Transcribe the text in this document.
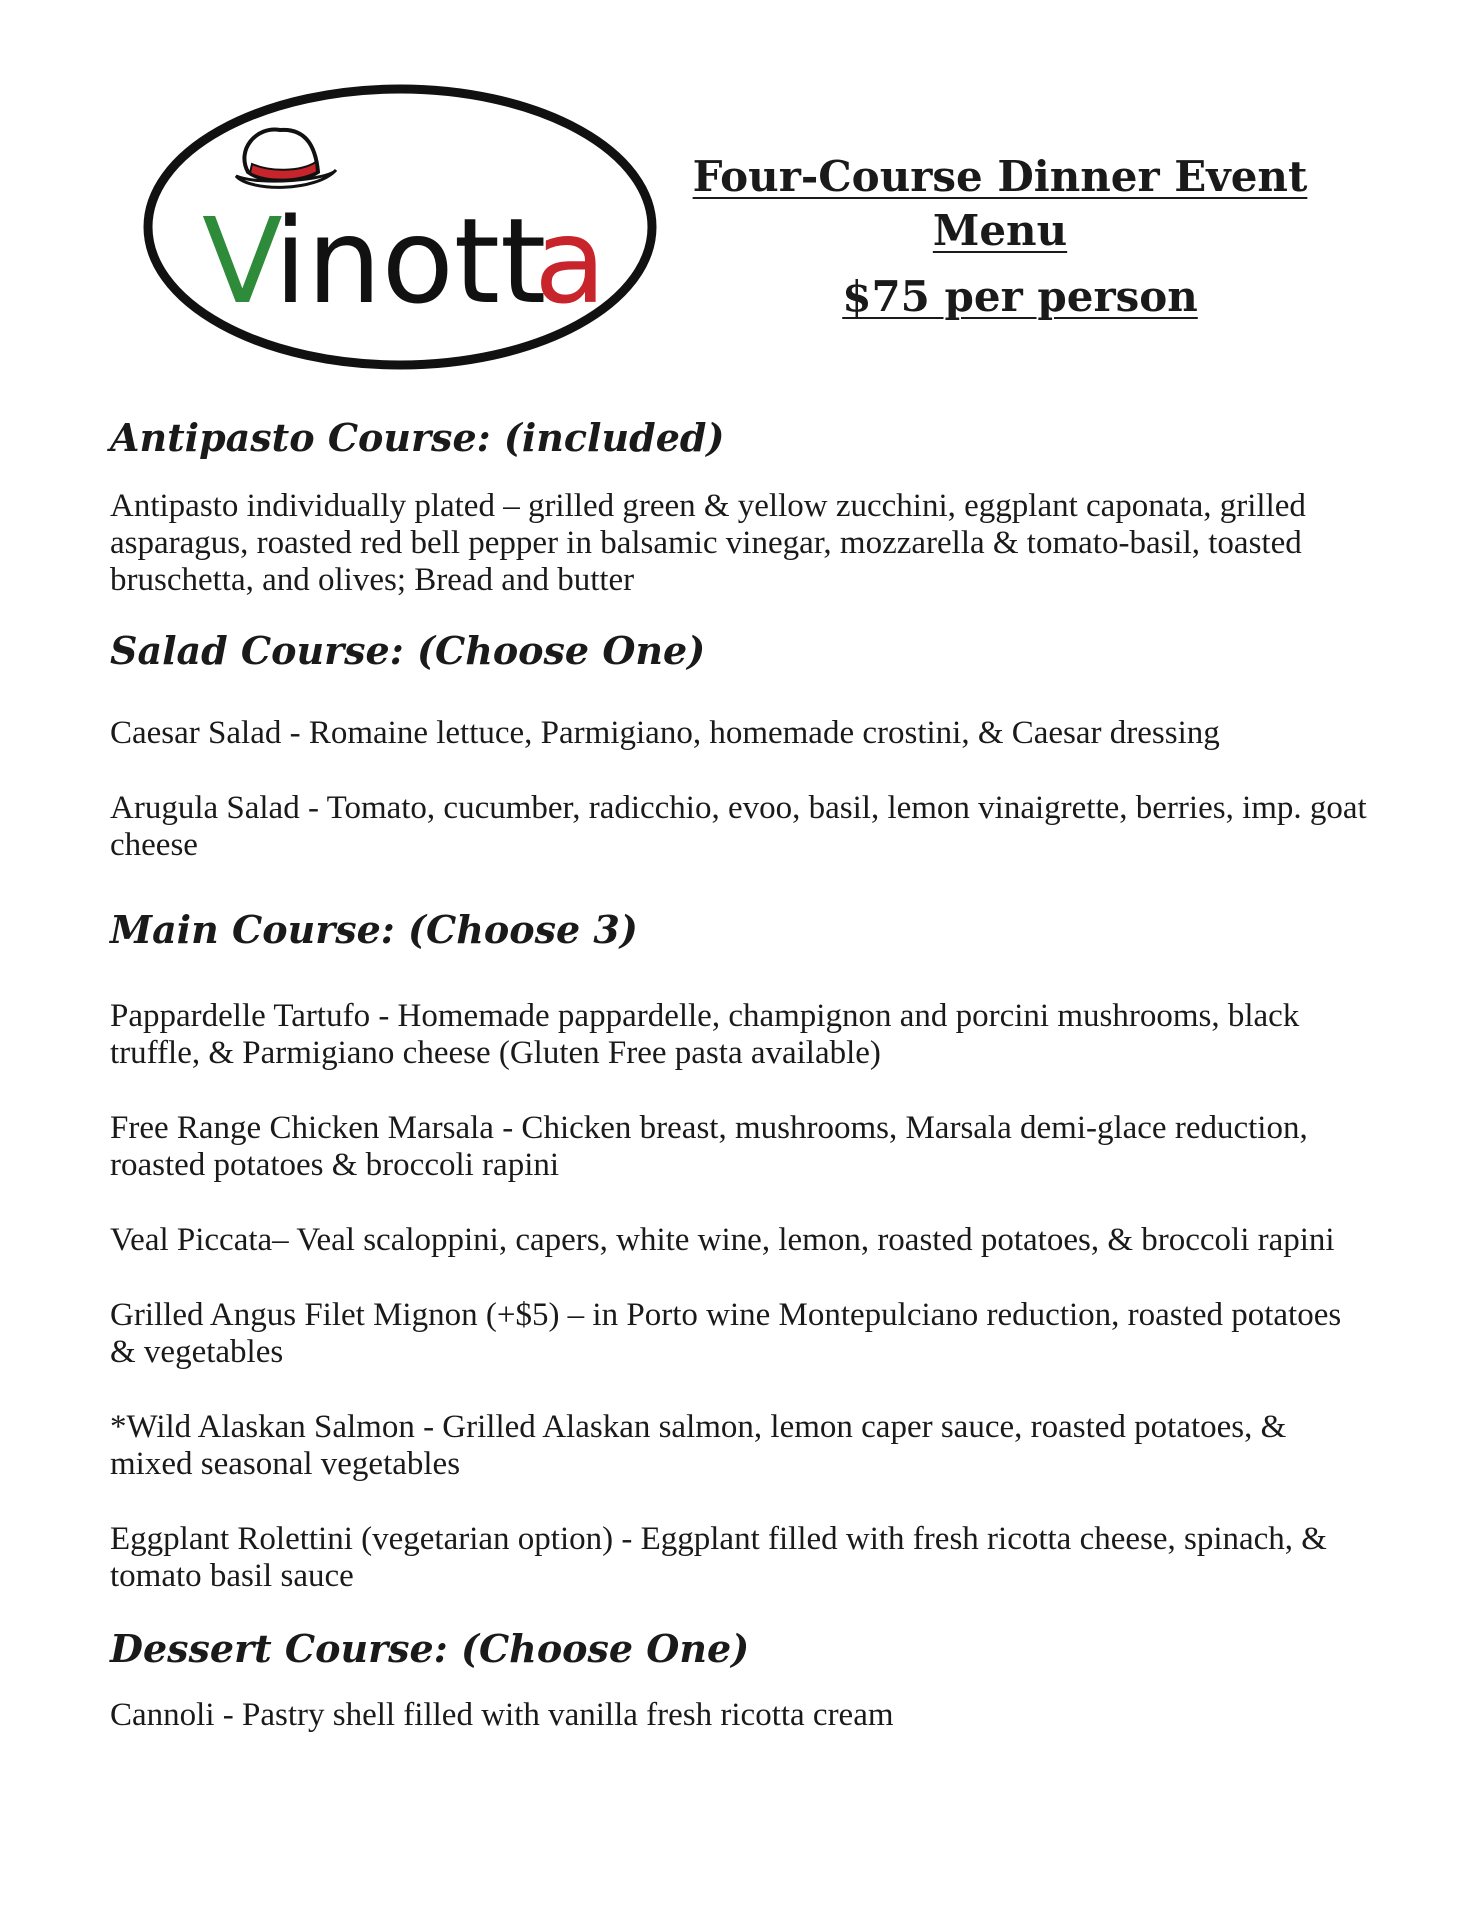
V
inott
a
Four-Course Dinner Event
Menu
$75 per person
Antipasto Course: (included)

Antipasto individually plated – grilled green & yellow zucchini, eggplant caponata, grilled asparagus, roasted red bell pepper in balsamic vinegar, mozzarella & tomato-basil, toasted bruschetta, and olives; Bread and butter

Salad Course: (Choose One)

Caesar Salad - Romaine lettuce, Parmigiano, homemade crostini, & Caesar dressing

Arugula Salad - Tomato, cucumber, radicchio, evoo, basil, lemon vinaigrette, berries, imp. goat cheese

Main Course: (Choose 3)

Pappardelle Tartufo - Homemade pappardelle, champignon and porcini mushrooms, black truffle, & Parmigiano cheese (Gluten Free pasta available)

Free Range Chicken Marsala - Chicken breast, mushrooms, Marsala demi-glace reduction, roasted potatoes & broccoli rapini

Veal Piccata– Veal scaloppini, capers, white wine, lemon, roasted potatoes, & broccoli rapini

Grilled Angus Filet Mignon (+$5) – in Porto wine Montepulciano reduction, roasted potatoes & vegetables

*Wild Alaskan Salmon - Grilled Alaskan salmon, lemon caper sauce, roasted potatoes, & mixed seasonal vegetables

Eggplant Rolettini (vegetarian option) - Eggplant filled with fresh ricotta cheese, spinach, & tomato basil sauce

Dessert Course: (Choose One)

Cannoli - Pastry shell filled with vanilla fresh ricotta cream
